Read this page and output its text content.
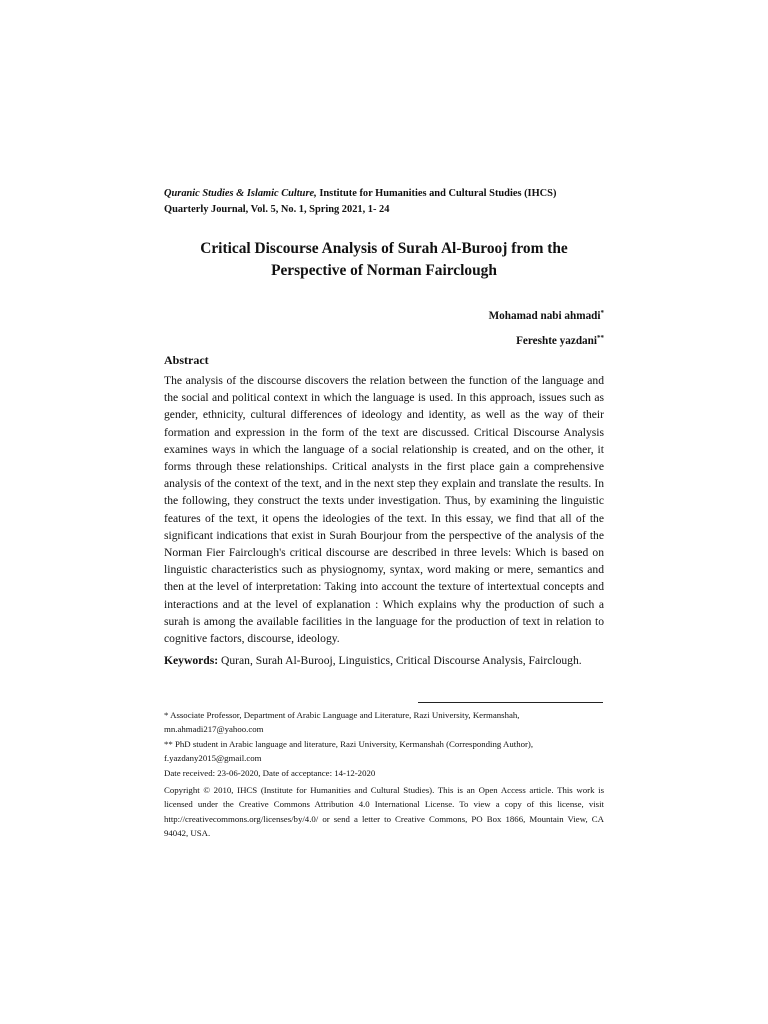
Quranic Studies & Islamic Culture, Institute for Humanities and Cultural Studies (IHCS)
Quarterly Journal, Vol. 5, No. 1, Spring 2021, 1- 24
Critical Discourse Analysis of Surah Al-Burooj from the
Perspective of Norman Fairclough
Mohamad nabi ahmadi*
Fereshte yazdani**
Abstract

The analysis of the discourse discovers the relation between the function of the language and the social and political context in which the language is used. In this approach, issues such as gender, ethnicity, cultural differences of ideology and identity, as well as the way of their formation and expression in the form of the text are discussed. Critical Discourse Analysis examines ways in which the language of a social relationship is created, and on the other, it forms through these relationships. Critical analysts in the first place gain a comprehensive analysis of the context of the text, and in the next step they explain and translate the results. In the following, they construct the texts under investigation. Thus, by examining the linguistic features of the text, it opens the ideologies of the text. In this essay, we find that all of the significant indications that exist in Surah Bourjour from the perspective of the analysis of the Norman Fier Fairclough's critical discourse are described in three levels: Which is based on linguistic characteristics such as physiognomy, syntax, word making or mere, semantics and then at the level of interpretation: Taking into account the texture of intertextual concepts and interactions and at the level of explanation : Which explains why the production of such a surah is among the available facilities in the language for the production of text in relation to cognitive factors, discourse, ideology.

Keywords: Quran, Surah Al-Burooj, Linguistics, Critical Discourse Analysis, Fairclough.

* Associate Professor, Department of Arabic Language and Literature, Razi University, Kermanshah,

mn.ahmadi217@yahoo.com

** PhD student in Arabic language and literature, Razi University, Kermanshah (Corresponding Author),

f.yazdany2015@gmail.com

Date received: 23-06-2020, Date of acceptance: 14-12-2020

Copyright © 2010, IHCS (Institute for Humanities and Cultural Studies). This is an Open Access article. This work is licensed under the Creative Commons Attribution 4.0 International License. To view a copy of this license, visit http://creativecommons.org/licenses/by/4.0/ or send a letter to Creative Commons, PO Box 1866, Mountain View, CA 94042, USA.
